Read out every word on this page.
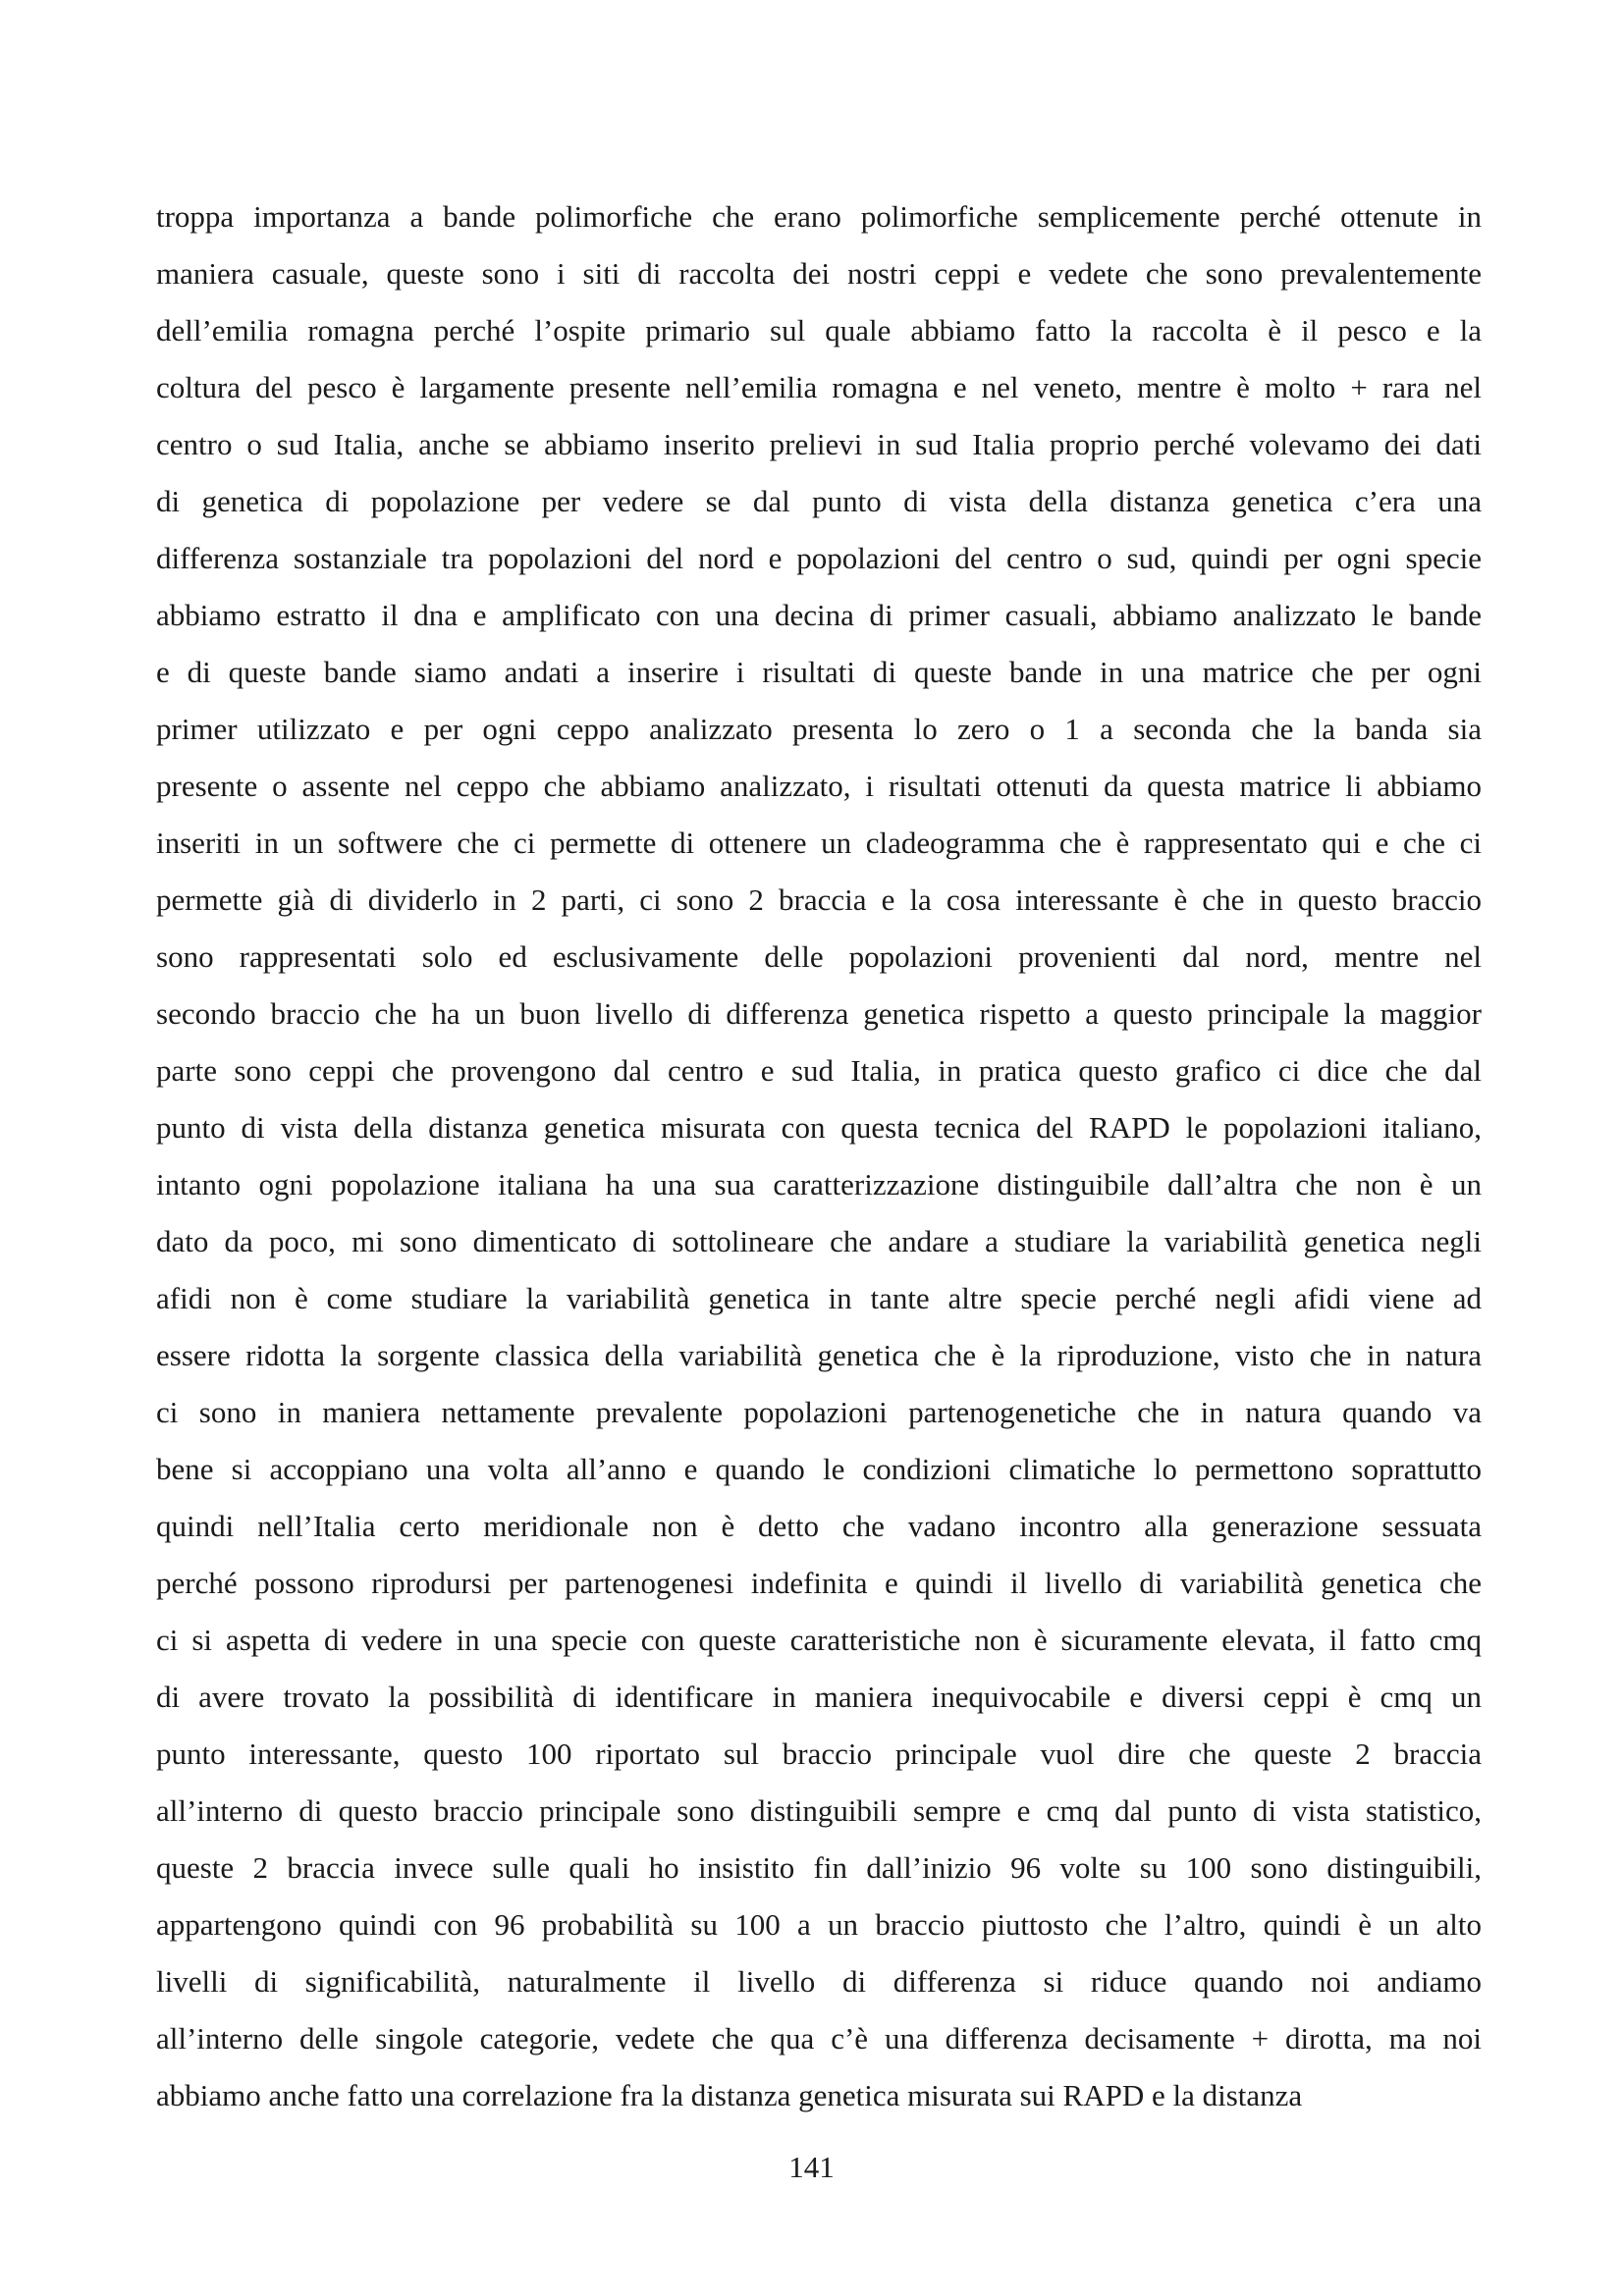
troppa importanza a bande polimorfiche che erano polimorfiche semplicemente perché ottenute in
maniera casuale, queste sono i siti di raccolta dei nostri ceppi e vedete che sono prevalentemente
dell’emilia romagna perché l’ospite primario sul quale abbiamo fatto la raccolta è il pesco e la
coltura del pesco è largamente presente nell’emilia romagna e nel veneto, mentre è molto + rara nel
centro o sud Italia, anche se abbiamo inserito prelievi in sud Italia proprio perché volevamo dei dati
di genetica di popolazione per vedere se dal punto di vista della distanza genetica c’era una
differenza sostanziale tra popolazioni del nord e popolazioni del centro o sud, quindi per ogni specie
abbiamo estratto il dna e amplificato con una decina di primer casuali, abbiamo analizzato le bande
e di queste bande siamo andati a inserire i risultati di queste bande in una matrice che per ogni
primer utilizzato e per ogni ceppo analizzato presenta lo zero o 1 a seconda che la banda sia
presente o assente nel ceppo che abbiamo analizzato, i risultati ottenuti da questa matrice li abbiamo
inseriti in un softwere che ci permette di ottenere un cladeogramma che è rappresentato qui e che ci
permette già di dividerlo in 2 parti, ci sono 2 braccia e la cosa interessante è che in questo braccio
sono rappresentati solo ed esclusivamente delle popolazioni provenienti dal nord, mentre nel
secondo braccio che ha un buon livello di differenza genetica rispetto a questo principale la maggior
parte sono ceppi che provengono dal centro e sud Italia, in pratica questo grafico ci dice che dal
punto di vista della distanza genetica misurata con questa tecnica del RAPD le popolazioni italiano,
intanto ogni popolazione italiana ha una sua caratterizzazione distinguibile dall’altra che non è un
dato da poco, mi sono dimenticato di sottolineare che andare a studiare la variabilità genetica negli
afidi non è come studiare la variabilità genetica in tante altre specie perché negli afidi viene ad
essere ridotta la sorgente classica della variabilità genetica che è la riproduzione, visto che in natura
ci sono in maniera nettamente prevalente popolazioni partenogenetiche che in natura quando va
bene si accoppiano una volta all’anno e quando le condizioni climatiche lo permettono soprattutto
quindi nell’Italia certo meridionale non è detto che vadano incontro alla generazione sessuata
perché possono riprodursi per partenogenesi indefinita e quindi il livello di variabilità genetica che
ci si aspetta di vedere in una specie con queste caratteristiche non è sicuramente elevata, il fatto cmq
di avere trovato la possibilità di identificare in maniera inequivocabile e diversi ceppi è cmq un
punto interessante, questo 100 riportato sul braccio principale vuol dire che queste 2 braccia
all’interno di questo braccio principale sono distinguibili sempre e cmq dal punto di vista statistico,
queste 2 braccia invece sulle quali ho insistito fin dall’inizio 96 volte su 100 sono distinguibili,
appartengono quindi con 96 probabilità su 100 a un braccio piuttosto che l’altro, quindi è un alto
livelli di significabilità, naturalmente il livello di differenza si riduce quando noi andiamo
all’interno delle singole categorie, vedete che qua c’è una differenza decisamente + dirotta, ma noi
abbiamo anche fatto una correlazione fra la distanza genetica misurata sui RAPD e la distanza
141
